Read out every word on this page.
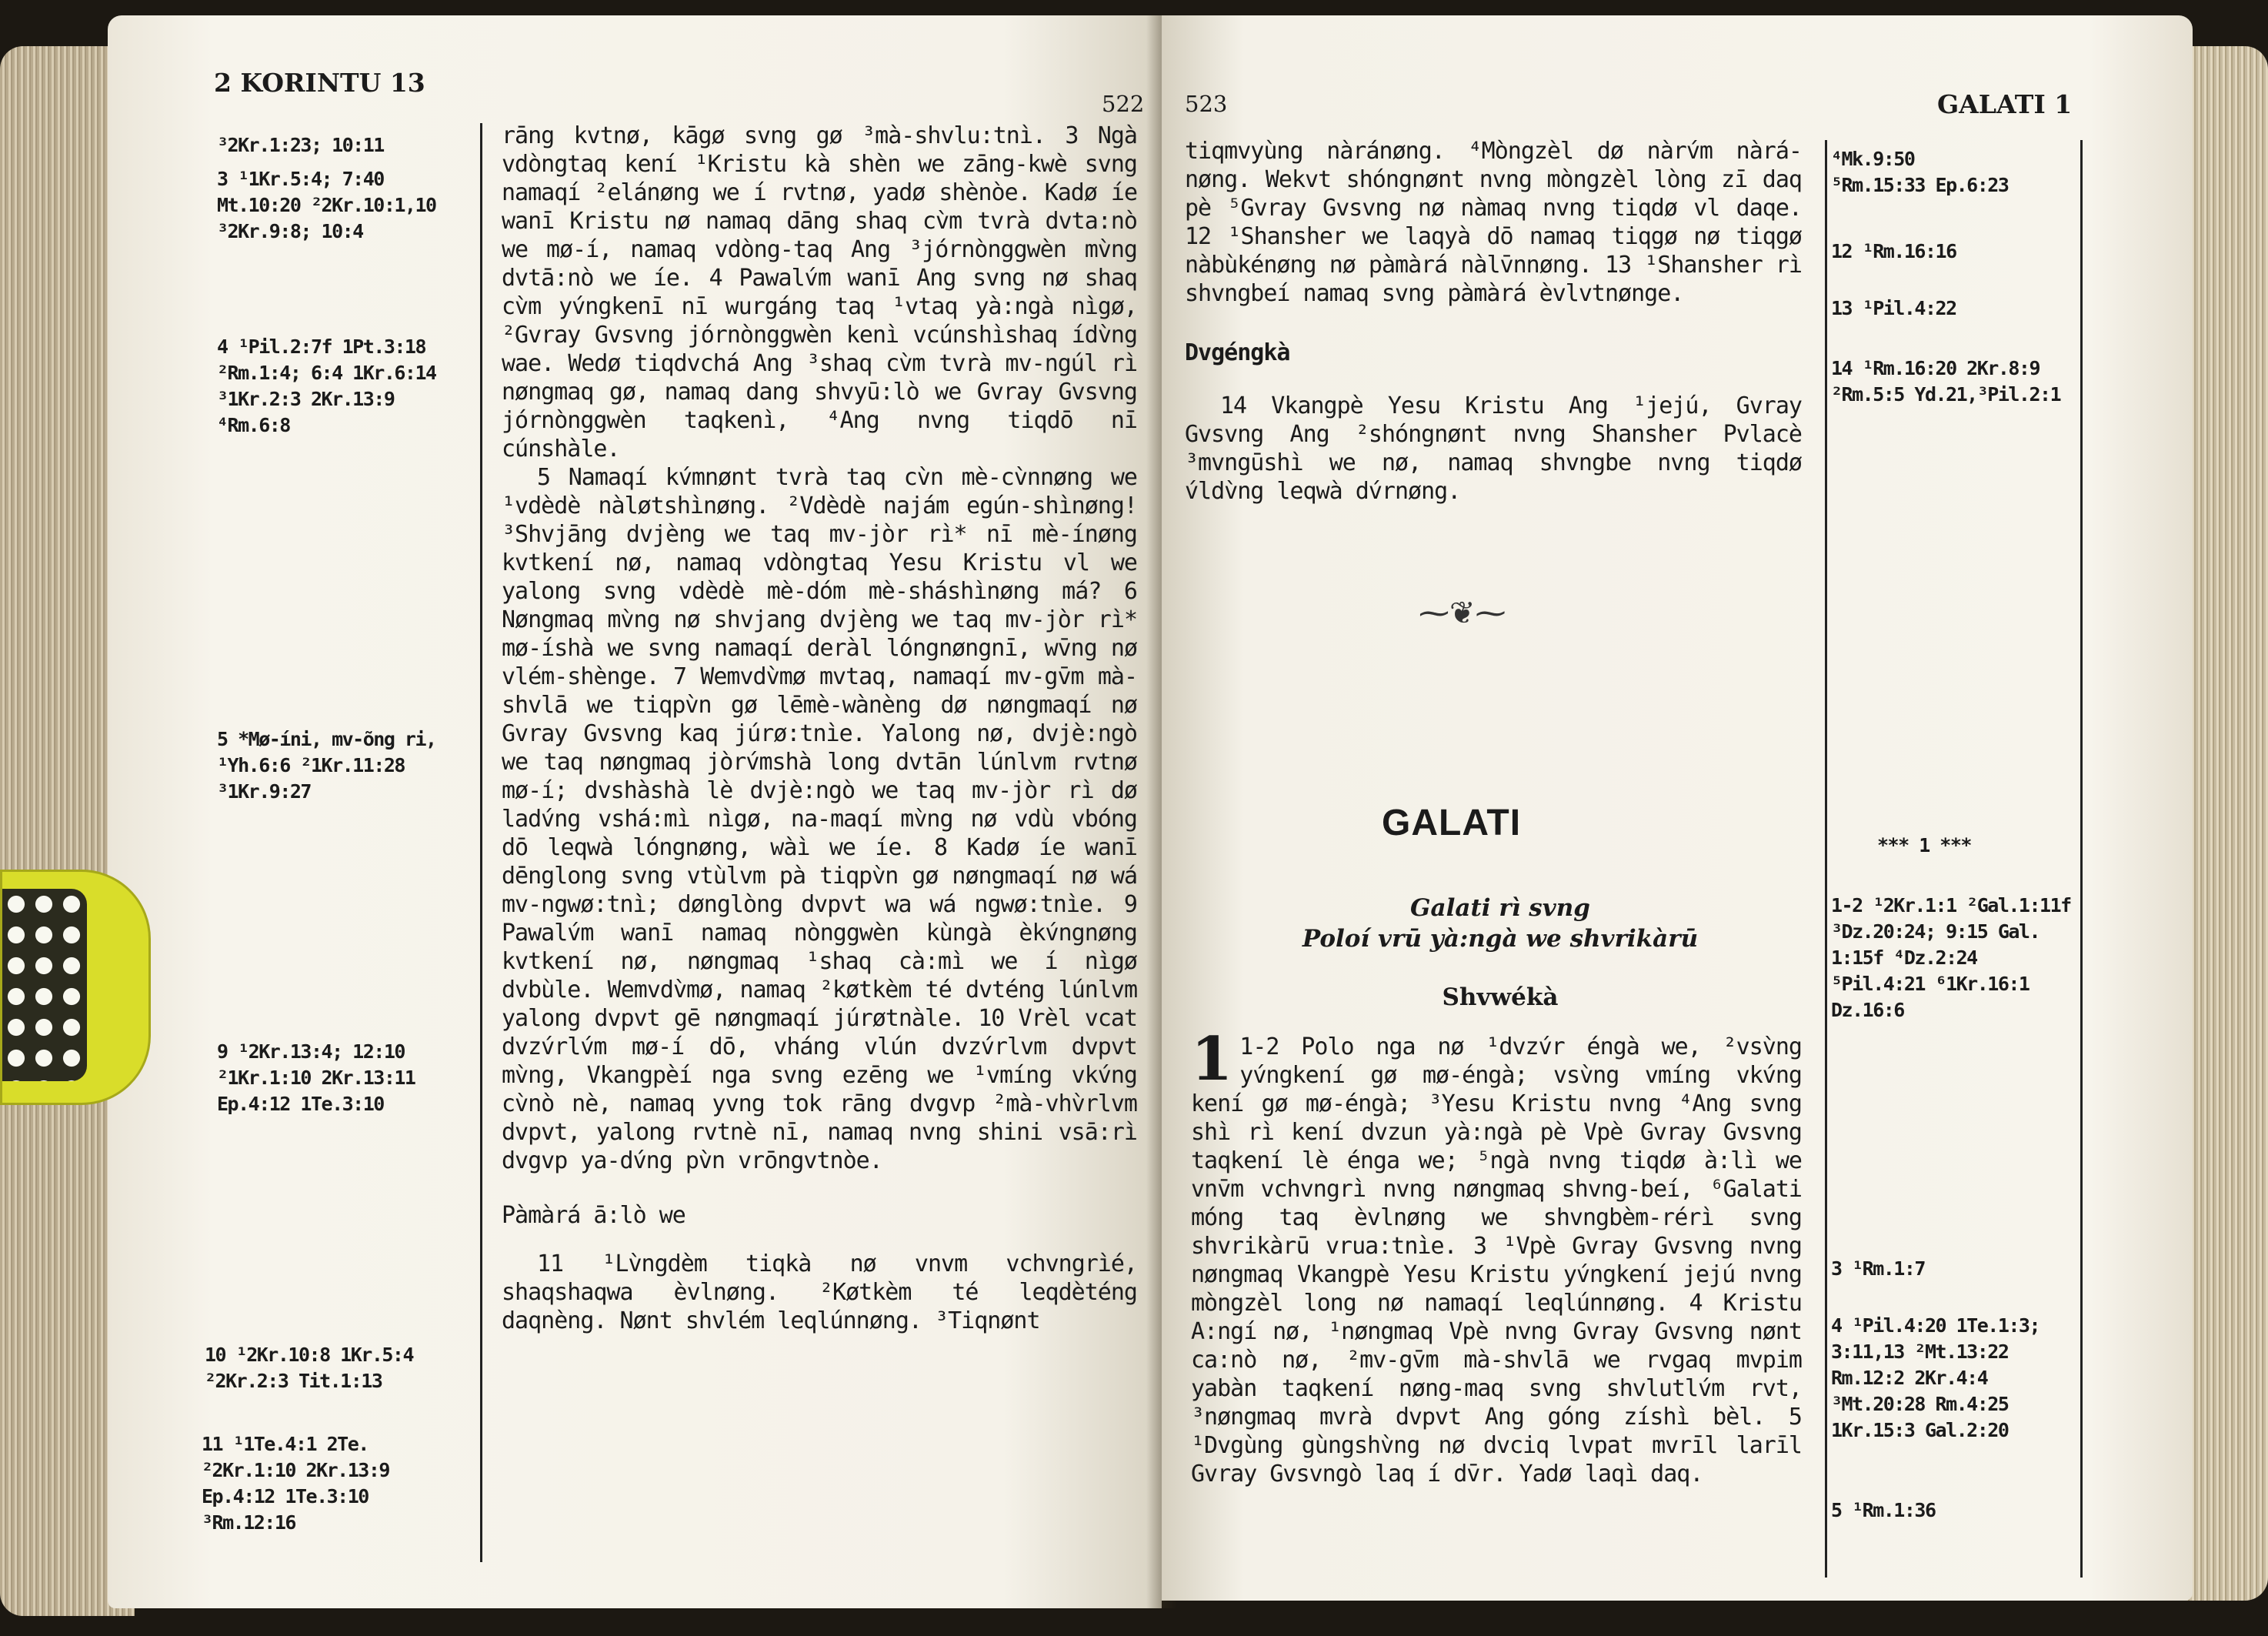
2 KORINTU 13
522
³2Kr.1:23; 10:11
3 ¹1Kr.5:4; 7:40
Mt.10:20 ²2Kr.10:1,10
³2Kr.9:8; 10:4
4 ¹Pil.2:7f 1Pt.3:18
²Rm.1:4; 6:4 1Kr.6:14
³1Kr.2:3 2Kr.13:9
⁴Rm.6:8
5 *Mø-íni, mv-õng ri,
¹Yh.6:6 ²1Kr.11:28
³1Kr.9:27
9 ¹2Kr.13:4; 12:10
²1Kr.1:10 2Kr.13:11
Ep.4:12 1Te.3:10
10 ¹2Kr.10:8 1Kr.5:4
²2Kr.2:3 Tit.1:13
11 ¹1Te.4:1 2Te.
²2Kr.1:10 2Kr.13:9
Ep.4:12 1Te.3:10
³Rm.12:16

rāng kvtnø, kāgø svng gø ³mà-shvlu:tnì. 3 Ngà vdòngtaq kení ¹Kristu kà shèn we zāng-kwè svng namaqí ²elánøng we í rvtnø, yadø shènòe. Kadø íe wanī Kristu nø namaq dāng shaq cv̀m tvrà dvta:nò we mø-í, namaq vdòng-taq Ang ³jórnònggwèn mv̀ng dvtā:nò we íe. 4 Pawalv́m wanī Ang svng nø shaq cv̀m yv́ngkenī nī wurgáng taq ¹vtaq yà:ngà nìgø, ²Gvray Gvsvng jórnònggwèn kenì vcúnshìshaq ídv̀ng wae. Wedø tiqdvchá Ang ³shaq cv̀m tvrà mv-ngúl rì nøngmaq gø, namaq dang shvyū:lò we Gvray Gvsvng jórnònggwèn taqkenì, ⁴Ang nvng tiqdō nī cúnshàle.

5 Namaqí kv́mnønt tvrà taq cv̀n mè-cv̀nnøng we ¹vdèdè nàløtshìnøng. ²Vdèdè najám egún-shìnøng! ³Shvjāng dvjèng we taq mv-jòr rì* nī mè-ínøng kvtkení nø, namaq vdòngtaq Yesu Kristu vl we yalong svng vdèdè mè-dóm mè-sháshìnøng má? 6 Nøngmaq mv̀ng nø shvjang dvjèng we taq mv-jòr rì* mø-íshà we svng namaqí deràl lóngnøngnī, wv̄ng nø vlém-shènge. 7 Wemvdv̀mø mvtaq, namaqí mv-gv̄m mà-shvlā we tiqpv̀n gø lēmè-wànèng dø nøngmaqí nø Gvray Gvsvng kaq júrø:tnìe. Yalong nø, dvjè:ngò we taq nøngmaq jòrv́mshà long dvtān lúnlvm rvtnø mø-í; dvshàshà lè dvjè:ngò we taq mv-jòr rì dø ladv́ng vshá:mì nìgø, na-maqí mv̀ng nø vdù vbóng dō leqwà lóngnøng, wàì we íe. 8 Kadø íe wanī dēnglong svng vtùlvm pà tiqpv̀n gø nøngmaqí nø wá mv-ngwø:tnì; dønglòng dvpvt wa wá ngwø:tnìe. 9 Pawalv́m wanī namaq nònggwèn kùngà èkv́ngnøng kvtkení nø, nøngmaq ¹shaq cà:mì we í nìgø dvbùle. Wemvdv̀mø, namaq ²køtkèm té dvténg lúnlvm yalong dvpvt gē nøngmaqí júrøtnàle. 10 Vrèl vcat dvzv́rlv́m mø-í dō, vháng vlún dvzv́rlvm dvpvt mv̀ng, Vkangpèí nga svng ezēng we ¹vmíng vkv́ng cv̀nò nè, namaq yvng tok rāng dvgvp ²mà-vhv̀rlvm dvpvt, yalong rvtnè nī, namaq nvng shini vsā:rì dvgvp ya-dv́ng pv̀n vrōngvtnòe.

Pàmàrá ā:lò we

11 ¹Lv̀ngdèm tiqkà nø vnvm vchvngrìé, shaqshaqwa èvlnøng. ²Køtkèm té leqdèténg daqnèng. Nønt shvlém leqlúnnøng. ³Tiqnønt

523	GALATI 1

tiqmvyùng nàránøng. ⁴Mòngzèl dø nàrv́m nàrá-nøng. Wekvt shóngnønt nvng mòngzèl lòng zī daq pè ⁵Gvray Gvsvng nø nàmaq nvng tiqdø vl daqe. 12 ¹Shansher we laqyà dō namaq tiqgø nø tiqgø nàbùkénøng nø pàmàrá nàlv̄nnøng. 13 ¹Shansher rì shvngbeí namaq svng pàmàrá èvlvtnønge.

Dvgéngkà

14 Vkangpè Yesu Kristu Ang ¹jejú, Gvray Gvsvng Ang ²shóngnønt nvng Shansher Pvlacè ³mvngūshì we nø, namaq shvngbe nvng tiqdø v́ldv̀ng leqwà dv́rnøng.

⁓❦⁓
GALATI
Galati rì svng
Poloí vrū yà:ngà we shvrikàrū
Shvwékà

1 1-2 Polo nga nø ¹dvzv́r éngà we, ²vsv̀ng yv́ngkení gø mø-éngà; vsv̀ng vmíng vkv́ng kení gø mø-éngà; ³Yesu Kristu nvng ⁴Ang svng shì rì kení dvzun yà:ngà pè Vpè Gvray Gvsvng taqkení lè énga we; ⁵ngà nvng tiqdø à:lì we vnv̄m vchvngrì nvng nøngmaq shvng-beí, ⁶Galati móng taq èvlnøng we shvngbèm-rérì svng shvrikàrū vrua:tnìe. 3 ¹Vpè Gvray Gvsvng nvng nøngmaq Vkangpè Yesu Kristu yv́ngkení jejú nvng mòngzèl long nø namaqí leqlúnnøng. 4 Kristu A:ngí nø, ¹nøngmaq Vpè nvng Gvray Gvsvng nønt ca:nò nø, ²mv-gv̄m mà-shvlā we rvgaq mvpim yabàn taqkení nøng-maq svng shvlutlv́m rvt, ³nøngmaq mvrà dvpvt Ang góng zíshì bèl. 5 ¹Dvgùng gùngshv̀ng nø dvciq lvpat mvrīl larīl Gvray Gvsvngò laq í dv̄r. Yadø laqì daq.

⁴Mk.9:50
⁵Rm.15:33 Ep.6:23
12 ¹Rm.16:16
13 ¹Pil.4:22
14 ¹Rm.16:20 2Kr.8:9
²Rm.5:5 Yd.21,³Pil.2:1
*** 1 ***
1-2 ¹2Kr.1:1 ²Gal.1:11f
³Dz.20:24; 9:15 Gal.
1:15f ⁴Dz.2:24
⁵Pil.4:21 ⁶1Kr.16:1
Dz.16:6
3 ¹Rm.1:7
4 ¹Pil.4:20 1Te.1:3;
3:11,13 ²Mt.13:22
Rm.12:2 2Kr.4:4
³Mt.20:28 Rm.4:25
1Kr.15:3 Gal.2:20
5 ¹Rm.1:36
